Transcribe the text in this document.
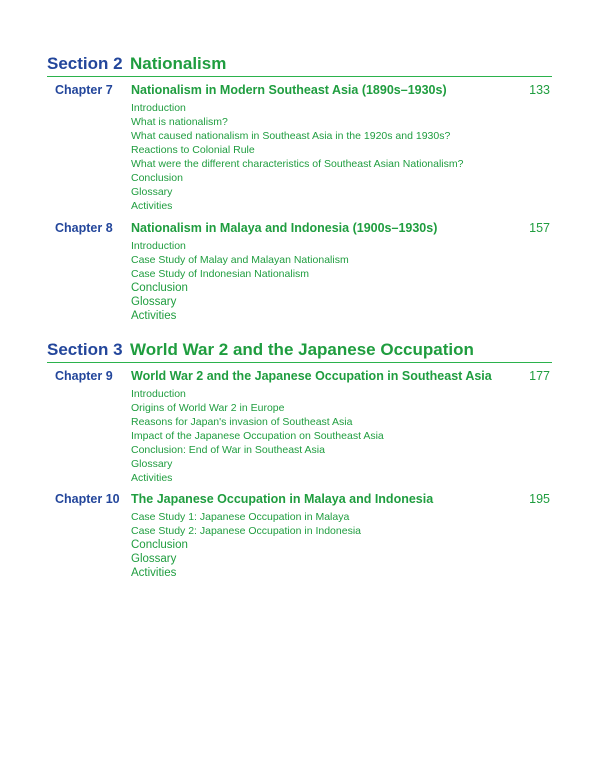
Section 2 Nationalism
Chapter 7 Nationalism in Modern Southeast Asia (1890s–1930s)	133
Introduction
What is nationalism?
What caused nationalism in Southeast Asia in the 1920s and 1930s?
Reactions to Colonial Rule
What were the different characteristics of Southeast Asian Nationalism?
Conclusion
Glossary
Activities
Chapter 8 Nationalism in Malaya and Indonesia (1900s–1930s)	157
Introduction
Case Study of Malay and Malayan Nationalism
Case Study of Indonesian Nationalism
Conclusion
Glossary
Activities
Section 3 World War 2 and the Japanese Occupation
Chapter 9 World War 2 and the Japanese Occupation in Southeast Asia	177
Introduction
Origins of World War 2 in Europe
Reasons for Japan's invasion of Southeast Asia
Impact of the Japanese Occupation on Southeast Asia
Conclusion: End of War in Southeast Asia
Glossary
Activities
Chapter 10 The Japanese Occupation in Malaya and Indonesia	195
Case Study 1: Japanese Occupation in Malaya
Case Study 2: Japanese Occupation in Indonesia
Conclusion
Glossary
Activities
